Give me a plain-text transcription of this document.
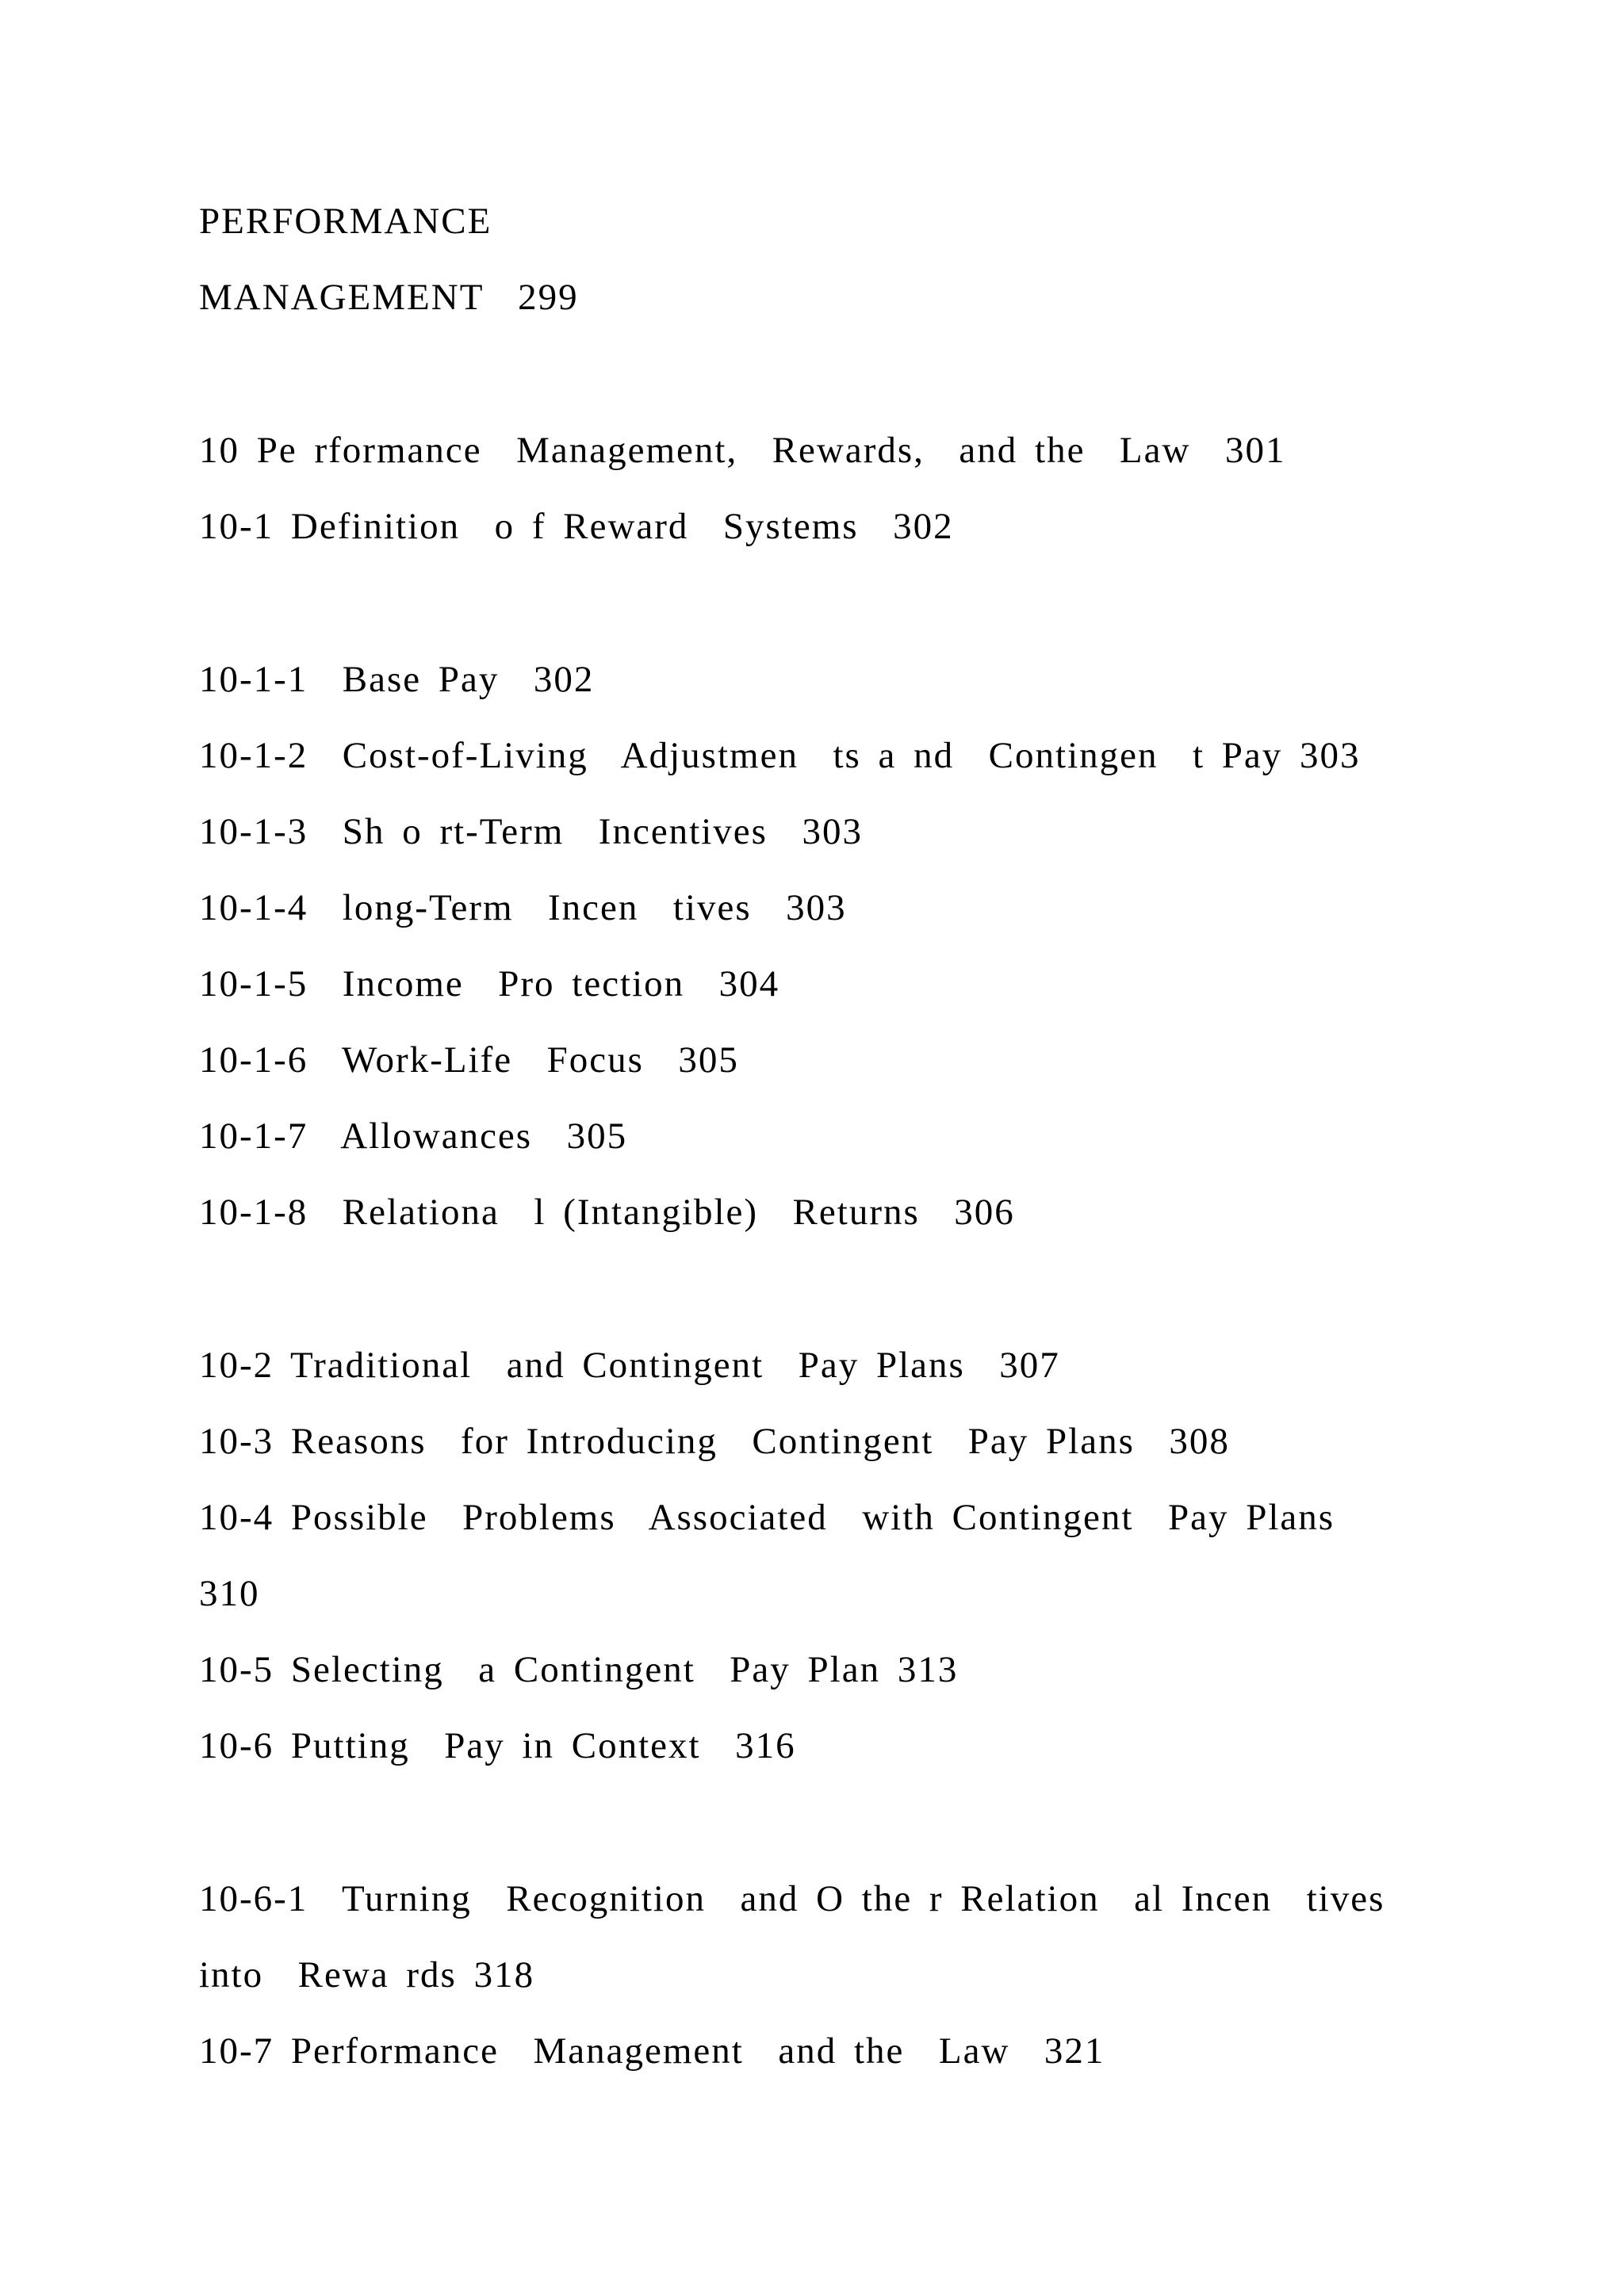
PERFORMANCE

MANAGEMENT  299

10 Pe rformance  Management,  Rewards,  and the  Law  301

10-1 Definition  o f Reward  Systems  302

10-1-1  Base Pay  302

10-1-2  Cost-of-Living  Adjustmen  ts a nd  Contingen  t Pay 303

10-1-3  Sh o rt-Term  Incentives  303

10-1-4  long-Term  Incen  tives  303

10-1-5  Income  Pro tection  304

10-1-6  Work-Life  Focus  305

10-1-7  Allowances  305

10-1-8  Relationa  l (Intangible)  Returns  306

10-2 Traditional  and Contingent  Pay Plans  307

10-3 Reasons  for Introducing  Contingent  Pay Plans  308

10-4 Possible  Problems  Associated  with Contingent  Pay Plans

310

10-5 Selecting  a Contingent  Pay Plan 313

10-6 Putting  Pay in Context  316

10-6-1  Turning  Recognition  and O the r Relation  al Incen  tives

into  Rewa rds 318

10-7 Performance  Management  and the  Law  321
